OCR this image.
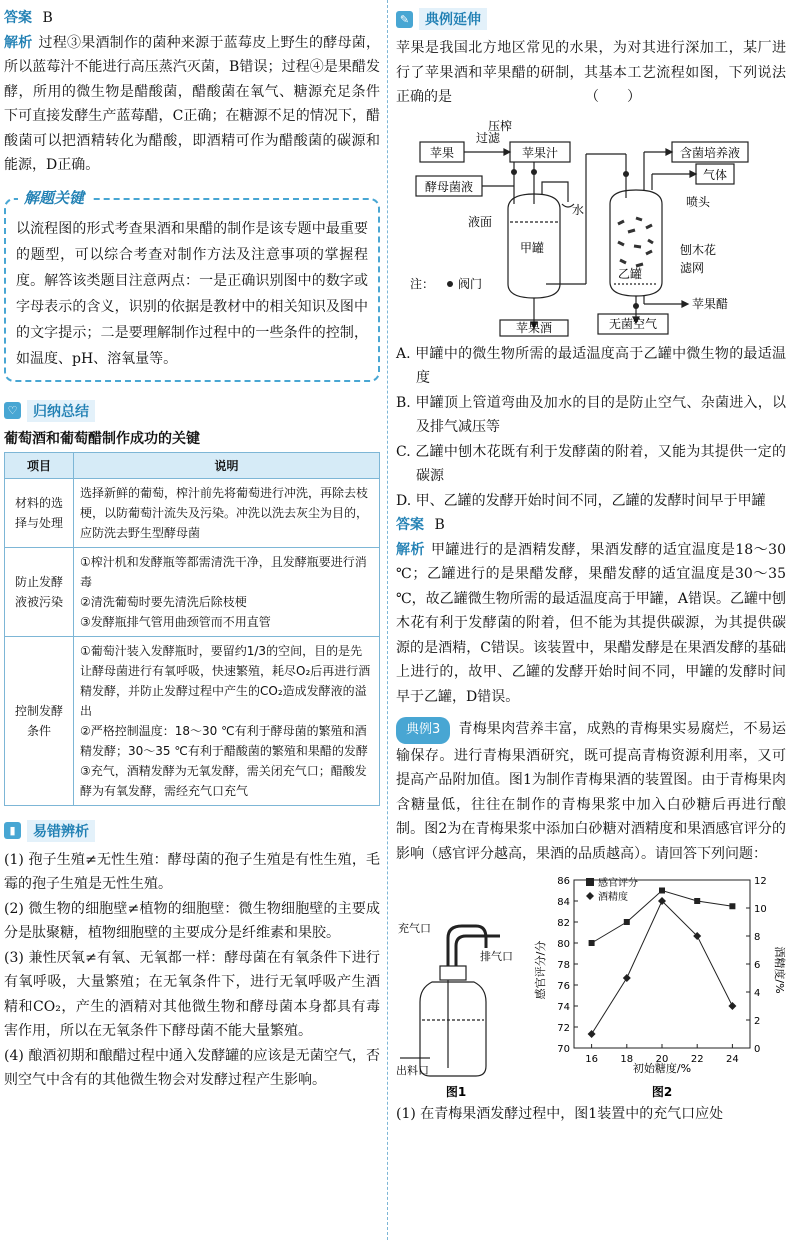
答案 B

解析 过程③果酒制作的菌种来源于蓝莓皮上野生的酵母菌，所以蓝莓汁不能进行高压蒸汽灭菌，B错误；过程④是果醋发酵，所用的微生物是醋酸菌，醋酸菌在氧气、糖源充足条件下可直接发酵生产蓝莓醋，C正确；在糖源不足的情况下，醋酸菌可以把酒精转化为醋酸，即酒精可作为醋酸菌的碳源和能源，D正确。

解题关键

以流程图的形式考查果酒和果醋的制作是该专题中最重要的题型，可以综合考查对制作方法及注意事项的掌握程度。解答该类题目注意两点：一是正确识别图中的数字或字母表示的含义，识别的依据是教材中的相关知识及图中的文字提示；二是要理解制作过程中的一些条件的控制，如温度、pH、溶氧量等。

♡	归纳总结
葡萄酒和葡萄醋制作成功的关键
项目	说明
材料的选择与处理	选择新鲜的葡萄，榨汁前先将葡萄进行冲洗，再除去枝梗，以防葡萄汁流失及污染。冲洗以洗去灰尘为目的，应防洗去野生型酵母菌
防止发酵液被污染	①榨汁机和发酵瓶等都需清洗干净，且发酵瓶要进行消毒
②清洗葡萄时要先清洗后除枝梗
③发酵瓶排气管用曲颈管而不用直管
控制发酵条件	①葡萄汁装入发酵瓶时，要留约1/3的空间，目的是先让酵母菌进行有氧呼吸，快速繁殖，耗尽O₂后再进行酒精发酵，并防止发酵过程中产生的CO₂造成发酵液的溢出
②严格控制温度：18～30 ℃有利于酵母菌的繁殖和酒精发酵；30～35 ℃有利于醋酸菌的繁殖和果醋的发酵
③充气，酒精发酵为无氧发酵，需关闭充气口；醋酸发酵为有氧发酵，需经充气口充气
▮	易错辨析

(1) 孢子生殖≠无性生殖：酵母菌的孢子生殖是有性生殖，毛霉的孢子生殖是无性生殖。

(2) 微生物的细胞壁≠植物的细胞壁：微生物细胞壁的主要成分是肽聚糖，植物细胞壁的主要成分是纤维素和果胶。

(3) 兼性厌氧≠有氧、无氧都一样：酵母菌在有氧条件下进行有氧呼吸，大量繁殖；在无氧条件下，进行无氧呼吸产生酒精和CO₂，产生的酒精对其他微生物和酵母菌本身都具有毒害作用，所以在无氧条件下酵母菌不能大量繁殖。

(4) 酿酒初期和酿醋过程中通入发酵罐的应该是无菌空气，否则空气中含有的其他微生物会对发酵过程产生影响。

✎	典例延伸

苹果是我国北方地区常见的水果，为对其进行深加工，某厂进行了苹果酒和苹果醋的研制，其基本工艺流程如图，下列说法正确的是　　　　　　　　　　（　　）

苹果
压榨
过滤
苹果汁
酵母菌液
液面
水
甲罐
乙罐
含菌培养液
气体
喷头
刨木花
滤网
苹果醋
无菌空气
苹果酒
注： 阀门

A. 甲罐中的微生物所需的最适温度高于乙罐中微生物的最适温度

B. 甲罐顶上管道弯曲及加水的目的是防止空气、杂菌进入，以及排气减压等

C. 乙罐中刨木花既有利于发酵菌的附着，又能为其提供一定的碳源

D. 甲、乙罐的发酵开始时间不同，乙罐的发酵时间早于甲罐

答案 B

解析 甲罐进行的是酒精发酵，果酒发酵的适宜温度是18～30 ℃；乙罐进行的是果醋发酵，果醋发酵的适宜温度是30～35 ℃，故乙罐微生物所需的最适温度高于甲罐，A错误。乙罐中刨木花有利于发酵菌的附着，但不能为其提供碳源，为其提供碳源的是酒精，C错误。该装置中，果醋发酵是在果酒发酵的基础上进行的，故甲、乙罐的发酵开始时间不同，甲罐的发酵时间早于乙罐，D错误。

典例3 青梅果肉营养丰富，成熟的青梅果实易腐烂，不易运输保存。进行青梅果酒研究，既可提高青梅资源利用率，又可提高产品附加值。图1为制作青梅果酒的装置图。由于青梅果肉含糖量低，往往在制作的青梅果浆中加入白砂糖后再进行酿制。图2为在青梅果浆中添加白砂糖对酒精度和果酒感官评分的影响（感官评分越高，果酒的品质越高）。请回答下列问题：

充气口
排气口
出料口
图1
70
72
74
76
78
80
82
84
86
0
2
4
6
8
10
12
16 18 20 22 24
感官评分/分	酒精度/%
初始糖度/%
感官评分
酒精度
图2

(1) 在青梅果酒发酵过程中，图1装置中的充气口应处
